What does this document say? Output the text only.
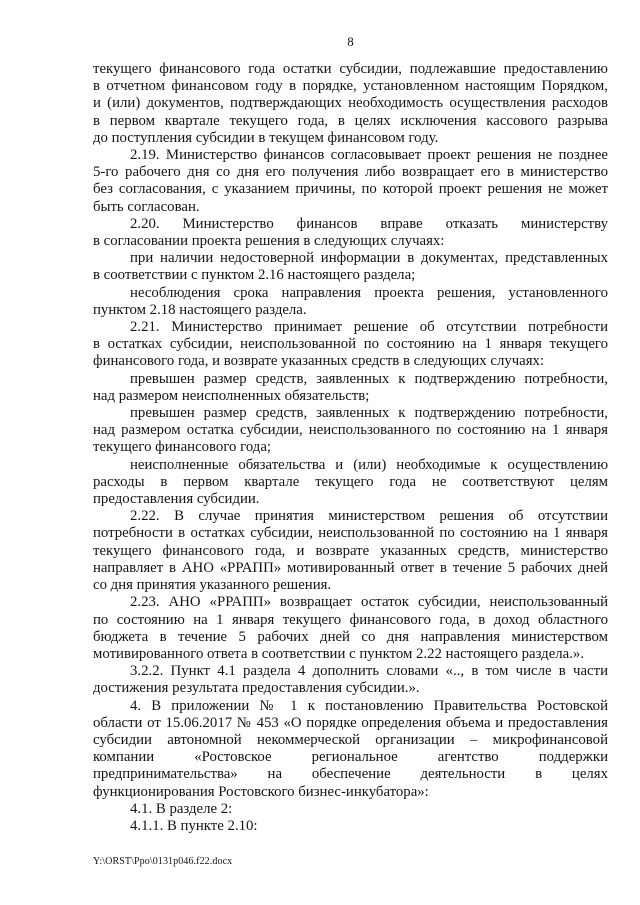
8
текущего финансового года остатки субсидии, подлежавшие предоставлению
в отчетном финансовом году в порядке, установленном настоящим Порядком,
и (или) документов, подтверждающих необходимость осуществления расходов
в первом квартале текущего года, в целях исключения кассового разрыва
до поступления субсидии в текущем финансовом году.
2.19. Министерство финансов согласовывает проект решения не позднее
5-го рабочего дня со дня его получения либо возвращает его в министерство
без согласования, с указанием причины, по которой проект решения не может
быть согласован.
2.20. Министерство финансов вправе отказать министерству
в согласовании проекта решения в следующих случаях:
при наличии недостоверной информации в документах, представленных
в соответствии с пунктом 2.16 настоящего раздела;
несоблюдения срока направления проекта решения, установленного
пунктом 2.18 настоящего раздела.
2.21. Министерство принимает решение об отсутствии потребности
в остатках субсидии, неиспользованной по состоянию на 1 января текущего
финансового года, и возврате указанных средств в следующих случаях:
превышен размер средств, заявленных к подтверждению потребности,
над размером неисполненных обязательств;
превышен размер средств, заявленных к подтверждению потребности,
над размером остатка субсидии, неиспользованного по состоянию на 1 января
текущего финансового года;
неисполненные обязательства и (или) необходимые к осуществлению
расходы в первом квартале текущего года не соответствуют целям
предоставления субсидии.
2.22. В случае принятия министерством решения об отсутствии
потребности в остатках субсидии, неиспользованной по состоянию на 1 января
текущего финансового года, и возврате указанных средств, министерство
направляет в АНО «РРАПП» мотивированный ответ в течение 5 рабочих дней
со дня принятия указанного решения.
2.23. АНО «РРАПП» возвращает остаток субсидии, неиспользованный
по состоянию на 1 января текущего финансового года, в доход областного
бюджета в течение 5 рабочих дней со дня направления министерством
мотивированного ответа в соответствии с пунктом 2.22 настоящего раздела.».
3.2.2. Пункт 4.1 раздела 4 дополнить словами «.., в том числе в части
достижения результата предоставления субсидии.».
4. В приложении № 1 к постановлению Правительства Ростовской
области от 15.06.2017 № 453 «О порядке определения объема и предоставления
субсидии автономной некоммерческой организации – микрофинансовой
компании «Ростовское региональное агентство поддержки
предпринимательства» на обеспечение деятельности в целях
функционирования Ростовского бизнес-инкубатора»:
4.1. В разделе 2:
4.1.1. В пункте 2.10:
Y:\ORST\Ppo\0131p046.f22.docx
